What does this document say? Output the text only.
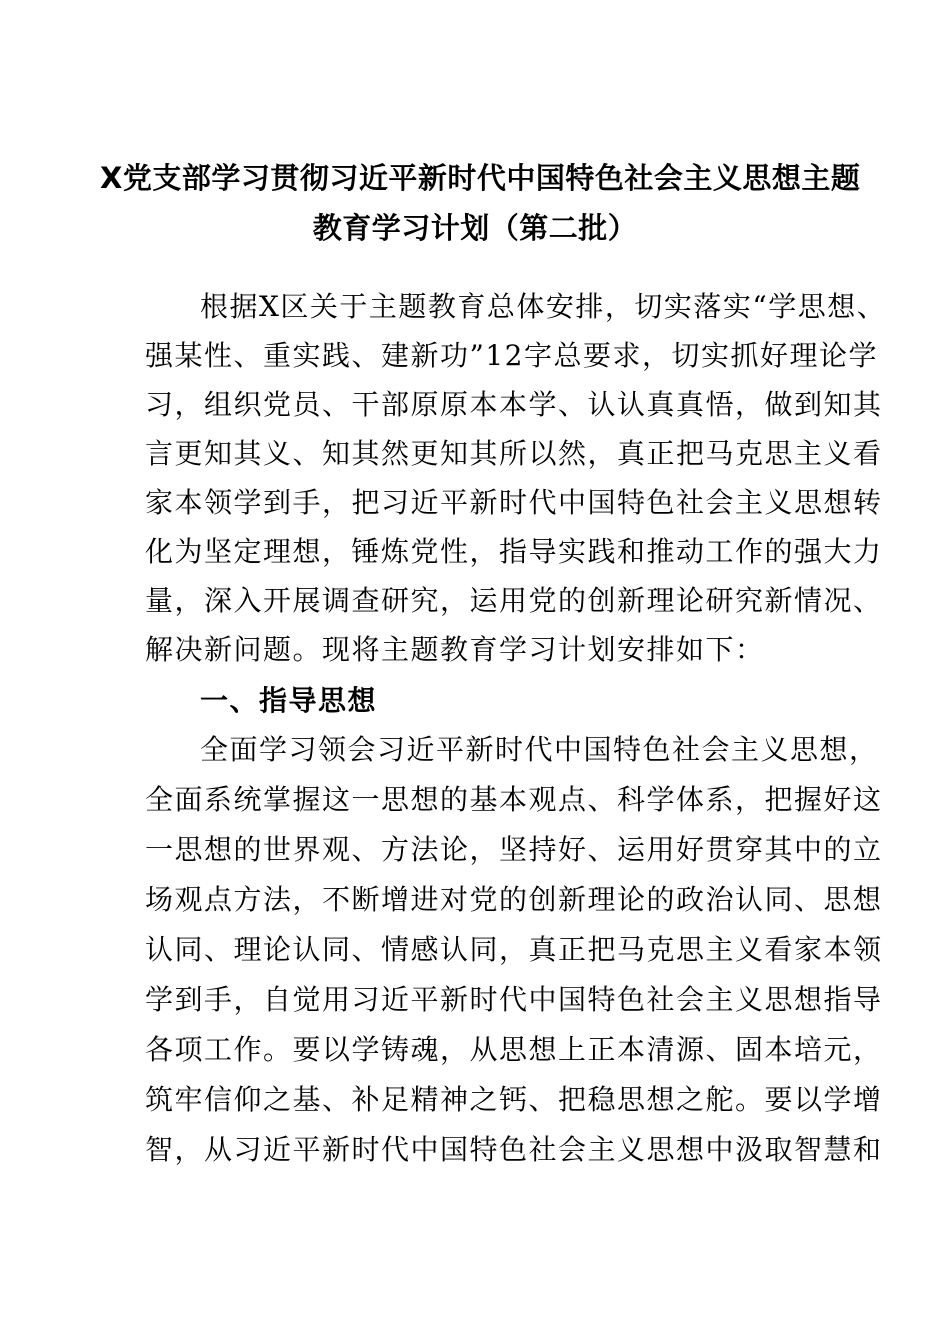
X党支部学习贯彻习近平新时代中国特色社会主义思想主题
教育学习计划（第二批）
根据X区关于主题教育总体安排，切实落实“学思想、
强某性、重实践、建新功”12字总要求，切实抓好理论学
习，组织党员、干部原原本本学、认认真真悟，做到知其
言更知其义、知其然更知其所以然，真正把马克思主义看
家本领学到手，把习近平新时代中国特色社会主义思想转
化为坚定理想，锤炼党性，指导实践和推动工作的强大力
量，深入开展调查研究，运用党的创新理论研究新情况、
解决新问题。现将主题教育学习计划安排如下：
一、指导思想
全面学习领会习近平新时代中国特色社会主义思想，
全面系统掌握这一思想的基本观点、科学体系，把握好这
一思想的世界观、方法论，坚持好、运用好贯穿其中的立
场观点方法，不断增进对党的创新理论的政治认同、思想
认同、理论认同、情感认同，真正把马克思主义看家本领
学到手，自觉用习近平新时代中国特色社会主义思想指导
各项工作。要以学铸魂，从思想上正本清源、固本培元，
筑牢信仰之基、补足精神之钙、把稳思想之舵。要以学增
智，从习近平新时代中国特色社会主义思想中汲取智慧和
